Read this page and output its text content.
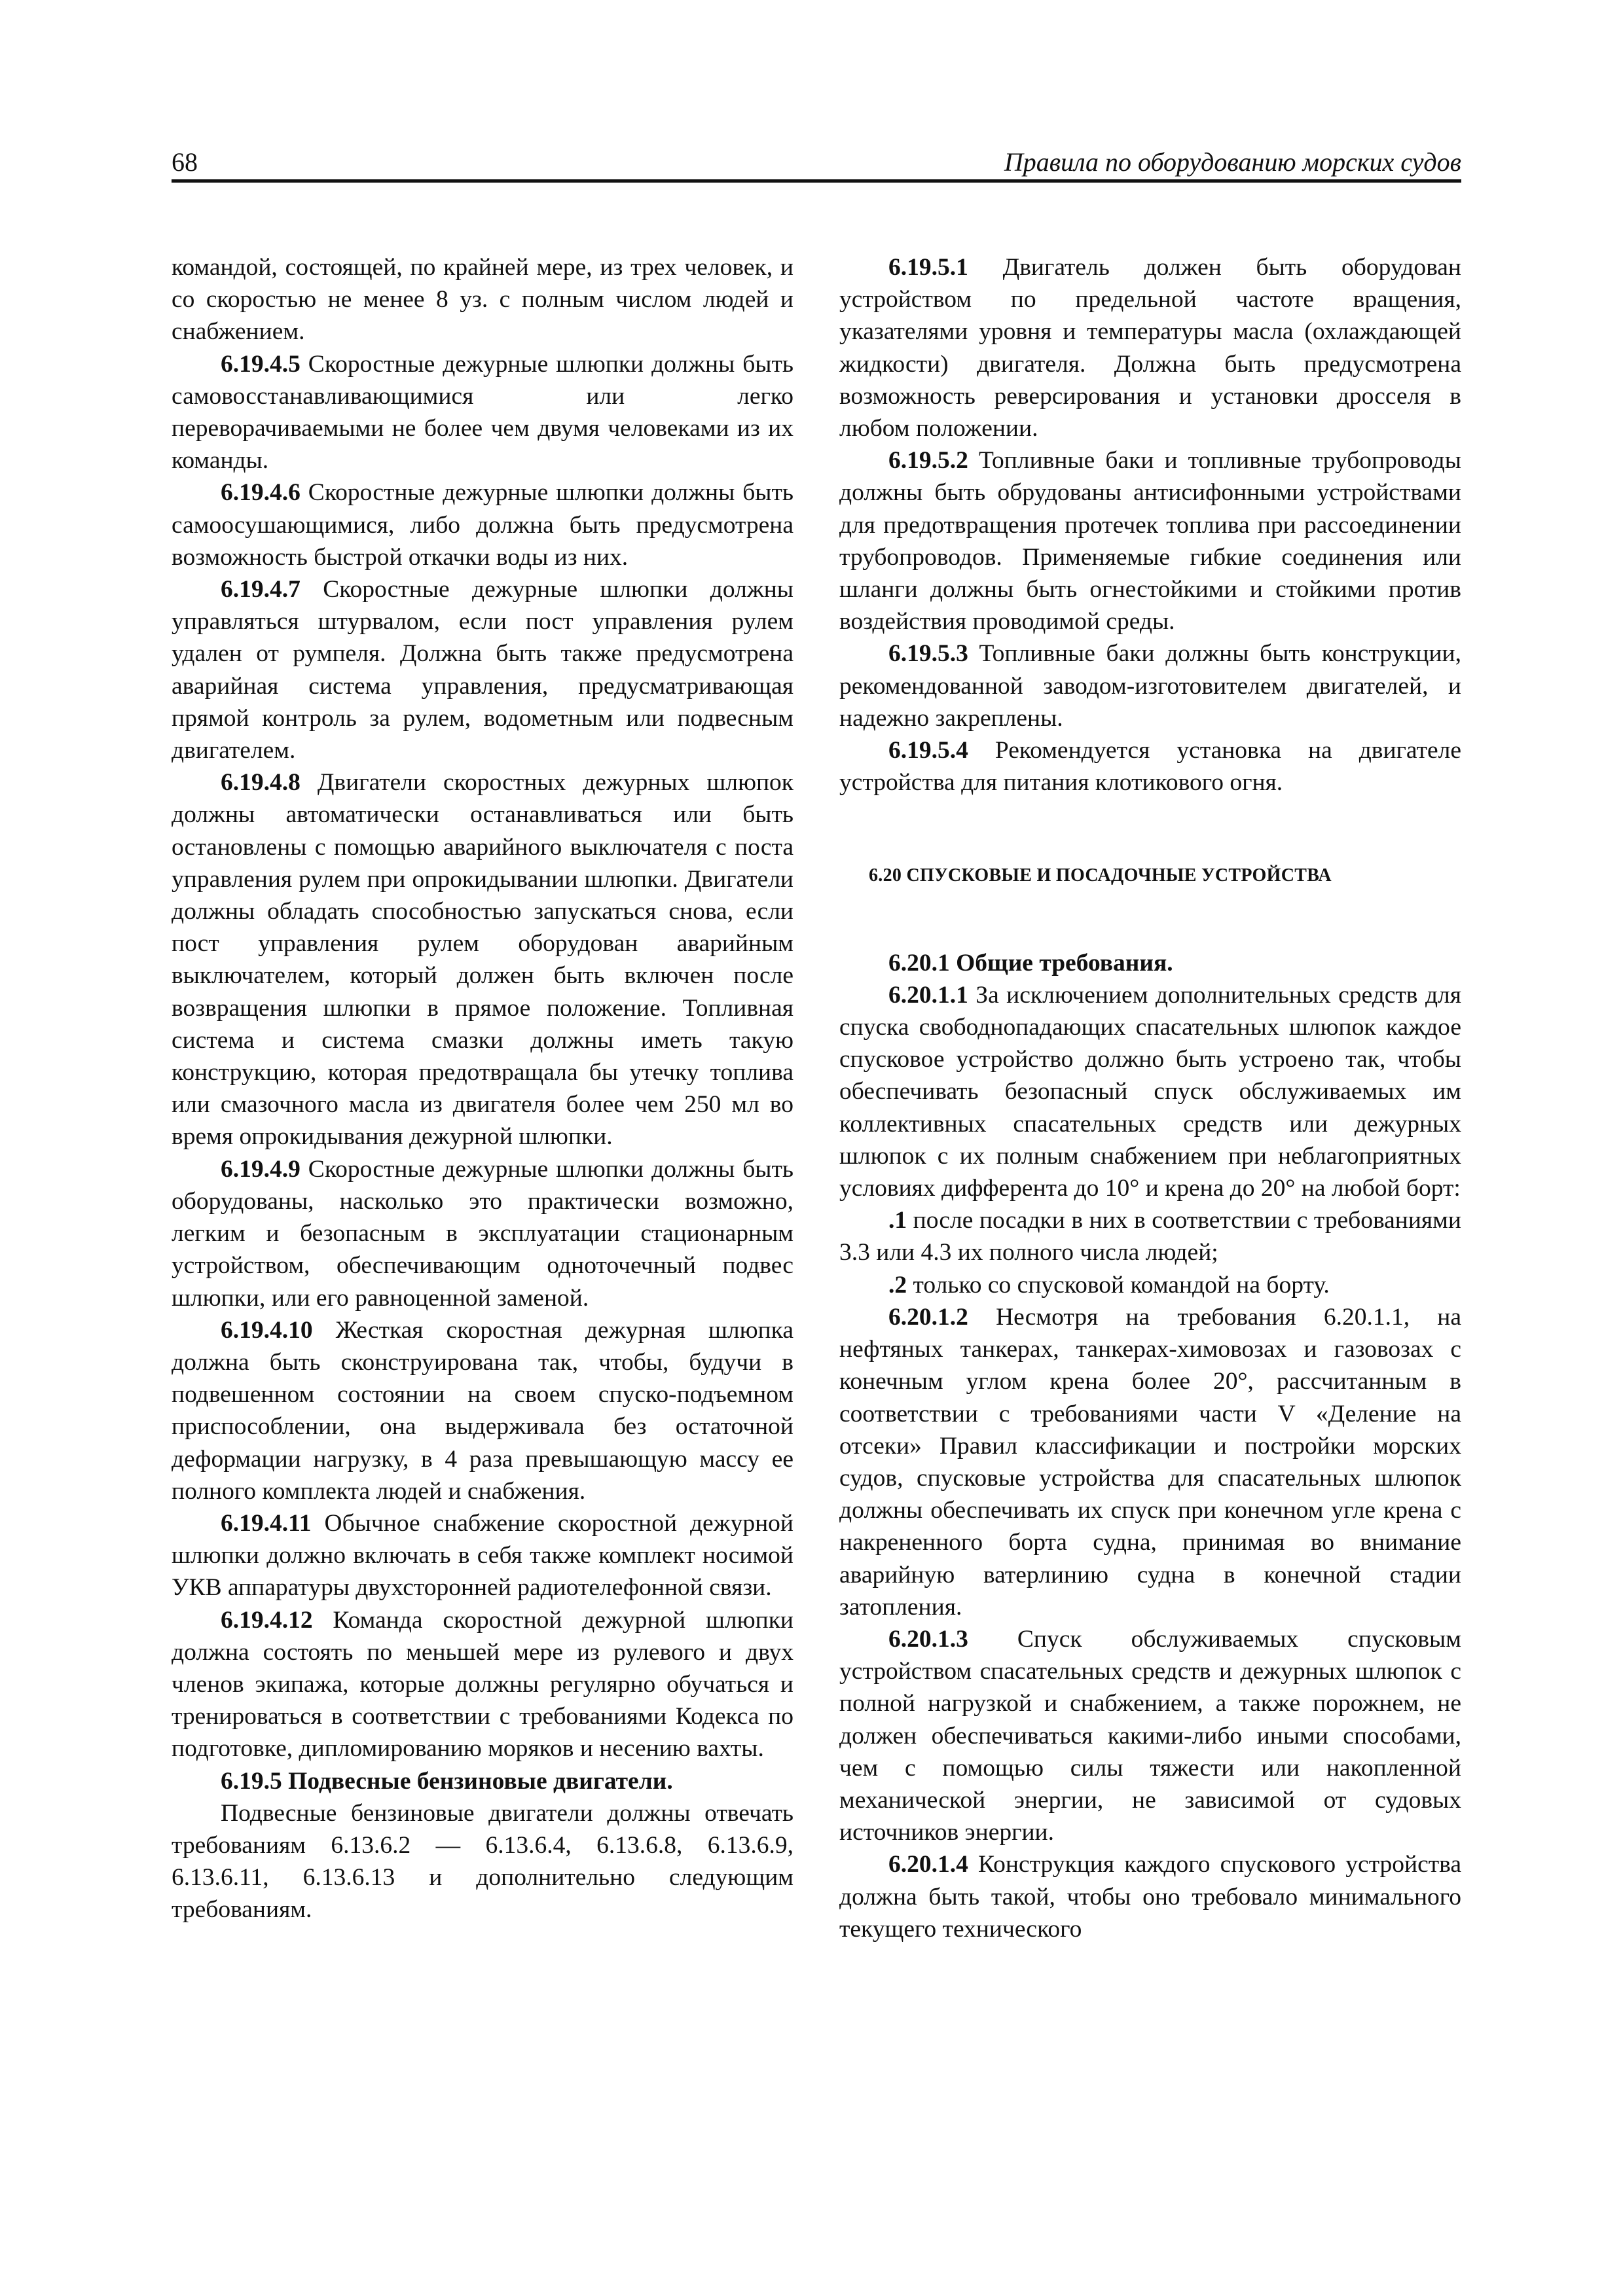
68	Правила по оборудованию морских судов

командой, состоящей, по крайней мере, из трех человек, и со скоростью не менее 8 уз. с полным числом людей и снабжением.

6.19.4.5 Скоростные дежурные шлюпки должны быть самовосстанавливающимися или легко переворачиваемыми не более чем двумя человеками из их команды.

6.19.4.6 Скоростные дежурные шлюпки должны быть самоосушающимися, либо должна быть предусмотрена возможность быстрой откачки воды из них.

6.19.4.7 Скоростные дежурные шлюпки должны управляться штурвалом, если пост управления рулем удален от румпеля. Должна быть также предусмотрена аварийная система управления, предусматривающая прямой контроль за рулем, водометным или подвесным двигателем.

6.19.4.8 Двигатели скоростных дежурных шлюпок должны автоматически останавливаться или быть остановлены с помощью аварийного выключателя с поста управления рулем при опрокидывании шлюпки. Двигатели должны обладать способностью запускаться снова, если пост управления рулем оборудован аварийным выключателем, который должен быть включен после возвращения шлюпки в прямое положение. Топливная система и система смазки должны иметь такую конструкцию, которая предотвращала бы утечку топлива или смазочного масла из двигателя более чем 250 мл во время опрокидывания дежурной шлюпки.

6.19.4.9 Скоростные дежурные шлюпки должны быть оборудованы, насколько это практически возможно, легким и безопасным в эксплуатации стационарным устройством, обеспечивающим одноточечный подвес шлюпки, или его равноценной заменой.

6.19.4.10 Жесткая скоростная дежурная шлюпка должна быть сконструирована так, чтобы, будучи в подвешенном состоянии на своем спуско-подъемном приспособлении, она выдерживала без остаточной деформации нагрузку, в 4 раза превышающую массу ее полного комплекта людей и снабжения.

6.19.4.11 Обычное снабжение скоростной дежурной шлюпки должно включать в себя также комплект носимой УКВ аппаратуры двухсторонней радиотелефонной связи.

6.19.4.12 Команда скоростной дежурной шлюпки должна состоять по меньшей мере из рулевого и двух членов экипажа, которые должны регулярно обучаться и тренироваться в соответствии с требованиями Кодекса по подготовке, дипломированию моряков и несению вахты.

6.19.5 Подвесные бензиновые двигатели.

Подвесные бензиновые двигатели должны отвечать требованиям 6.13.6.2 — 6.13.6.4, 6.13.6.8, 6.13.6.9, 6.13.6.11, 6.13.6.13 и дополнительно следующим требованиям.

6.19.5.1 Двигатель должен быть оборудован устройством по предельной частоте вращения, указателями уровня и температуры масла (охлаждающей жидкости) двигателя. Должна быть предусмотрена возможность реверсирования и установки дросселя в любом положении.

6.19.5.2 Топливные баки и топливные трубопроводы должны быть обрудованы антисифонными устройствами для предотвращения протечек топлива при рассоединении трубопроводов. Применяемые гибкие соединения или шланги должны быть огнестойкими и стойкими против воздействия проводимой среды.

6.19.5.3 Топливные баки должны быть конструкции, рекомендованной заводом-изготовителем двигателей, и надежно закреплены.

6.19.5.4 Рекомендуется установка на двигателе устройства для питания клотикового огня.

6.20 СПУСКОВЫЕ И ПОСАДОЧНЫЕ УСТРОЙСТВА

6.20.1 Общие требования.

6.20.1.1 За исключением дополнительных средств для спуска свободнопадающих спасательных шлюпок каждое спусковое устройство должно быть устроено так, чтобы обеспечивать безопасный спуск обслуживаемых им коллективных спасательных средств или дежурных шлюпок с их полным снабжением при неблагоприятных условиях дифферента до 10° и крена до 20° на любой борт:

.1 после посадки в них в соответствии с требованиями 3.3 или 4.3 их полного числа людей;

.2 только со спусковой командой на борту.

6.20.1.2 Несмотря на требования 6.20.1.1, на нефтяных танкерах, танкерах-химовозах и газовозах с конечным углом крена более 20°, рассчитанным в соответствии с требованиями части V «Деление на отсеки» Правил классификации и постройки морских судов, спусковые устройства для спасательных шлюпок должны обеспечивать их спуск при конечном угле крена с накрененного борта судна, принимая во внимание аварийную ватерлинию судна в конечной стадии затопления.

6.20.1.3 Спуск обслуживаемых спусковым устройством спасательных средств и дежурных шлюпок с полной нагрузкой и снабжением, а также порожнем, не должен обеспечиваться какими-либо иными способами, чем с помощью силы тяжести или накопленной механической энергии, не зависимой от судовых источников энергии.

6.20.1.4 Конструкция каждого спускового устройства должна быть такой, чтобы оно требовало минимального текущего технического
